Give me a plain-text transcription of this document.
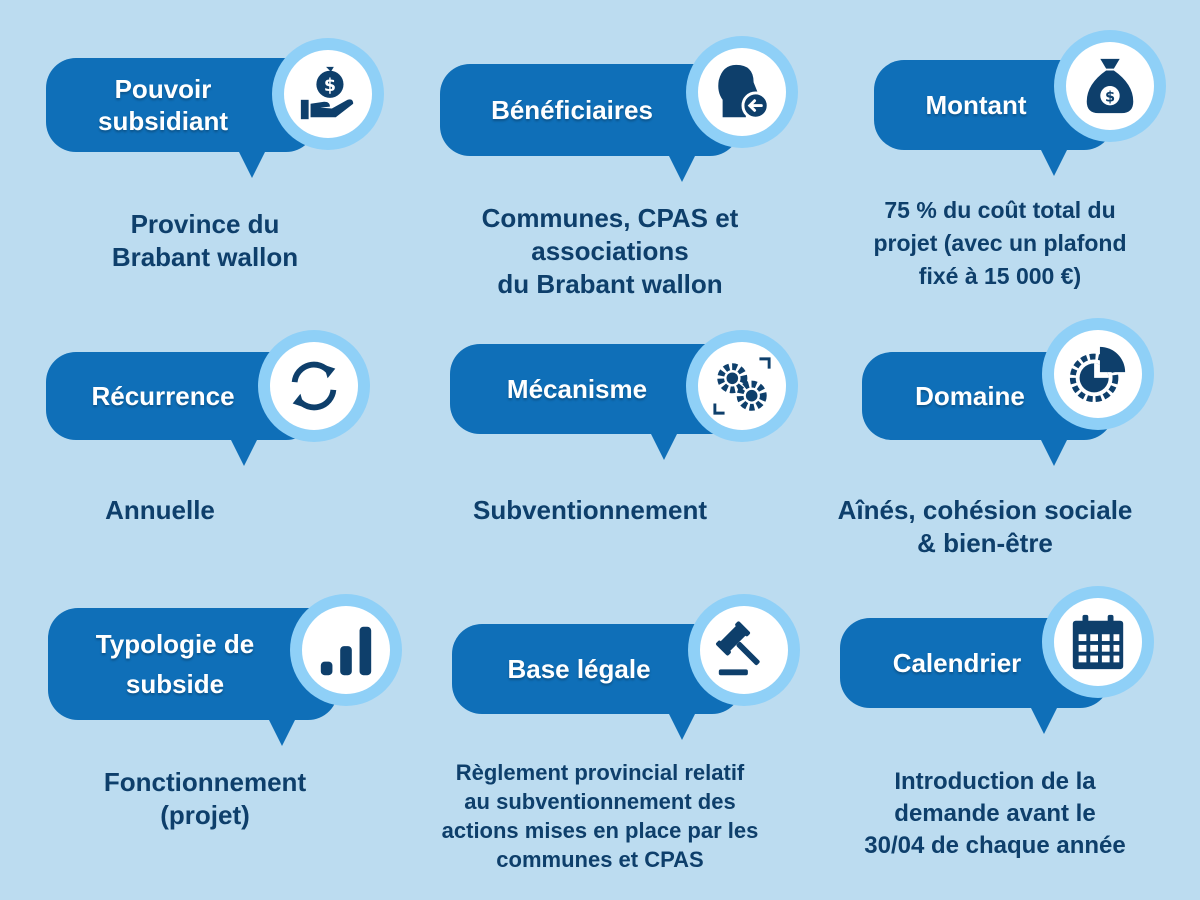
Pouvoir
subsidiant
$
Province du
Brabant wallon
Bénéficiaires
Communes, CPAS et
associations
du Brabant wallon
Montant	$
75 % du coût total du
projet (avec un plafond
fixé à 15 000 €)
Récurrence
Annuelle
Mécanisme
Subventionnement
Domaine
Aînés, cohésion sociale
& bien-être
Typologie de
subside
Fonctionnement
(projet)
Base légale
Règlement provincial relatif
au subventionnement des
actions mises en place par les
communes et CPAS
Calendrier
Introduction de la
demande avant le
30/04 de chaque année
